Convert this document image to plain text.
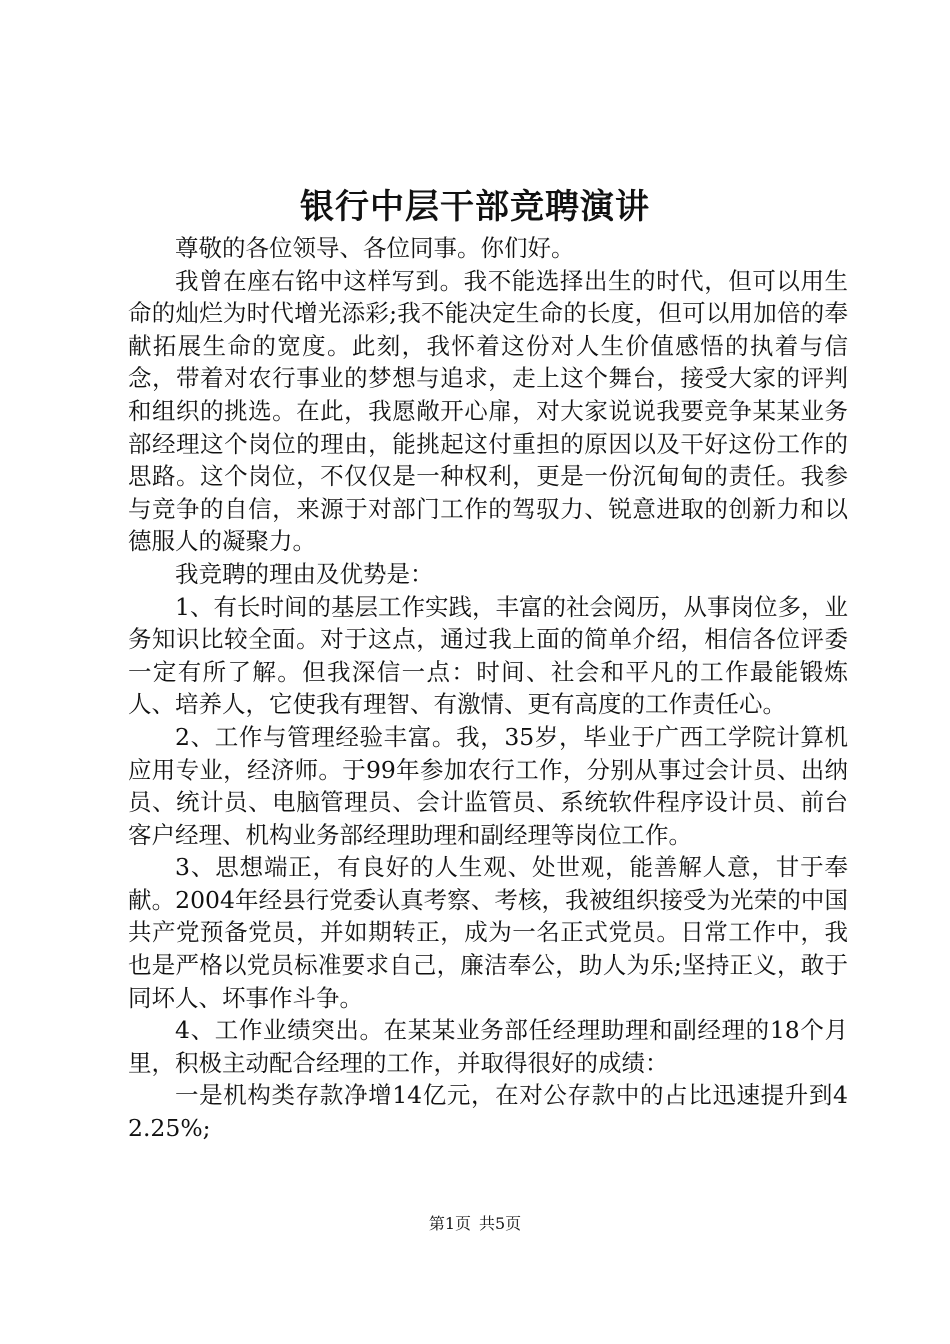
银行中层干部竞聘演讲

尊敬的各位领导、各位同事。你们好。

我曾在座右铭中这样写到。我不能选择出生的时代，但可以用生命的灿烂为时代增光添彩;我不能决定生命的长度，但可以用加倍的奉献拓展生命的宽度。此刻，我怀着这份对人生价值感悟的执着与信念，带着对农行事业的梦想与追求，走上这个舞台，接受大家的评判和组织的挑选。在此，我愿敞开心扉，对大家说说我要竞争某某业务部经理这个岗位的理由，能挑起这付重担的原因以及干好这份工作的思路。这个岗位，不仅仅是一种权利，更是一份沉甸甸的责任。我参与竞争的自信，来源于对部门工作的驾驭力、锐意进取的创新力和以德服人的凝聚力。

我竞聘的理由及优势是：

1、有长时间的基层工作实践，丰富的社会阅历，从事岗位多，业务知识比较全面。对于这点，通过我上面的简单介绍，相信各位评委一定有所了解。但我深信一点：时间、社会和平凡的工作最能锻炼人、培养人，它使我有理智、有激情、更有高度的工作责任心。

2、工作与管理经验丰富。我，35岁，毕业于广西工学院计算机应用专业，经济师。于99年参加农行工作，分别从事过会计员、出纳员、统计员、电脑管理员、会计监管员、系统软件程序设计员、前台客户经理、机构业务部经理助理和副经理等岗位工作。

3、思想端正，有良好的人生观、处世观，能善解人意，甘于奉献。2004年经县行党委认真考察、考核，我被组织接受为光荣的中国共产党预备党员，并如期转正，成为一名正式党员。日常工作中，我也是严格以党员标准要求自己，廉洁奉公，助人为乐;坚持正义，敢于同坏人、坏事作斗争。

4、工作业绩突出。在某某业务部任经理助理和副经理的18个月里，积极主动配合经理的工作，并取得很好的成绩：

一是机构类存款净增14亿元，在对公存款中的占比迅速提升到42.25%;

第1页 共5页
